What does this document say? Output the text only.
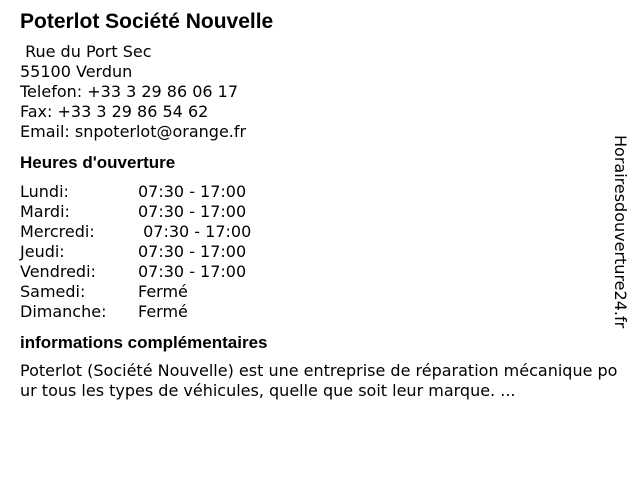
Poterlot Société Nouvelle
Rue du Port Sec
55100 Verdun
Telefon: +33 3 29 86 06 17
Fax: +33 3 29 86 54 62
Email: snpoterlot@orange.fr
Heures d'ouverture
Lundi:	07:30 - 17:00
Mardi:	07:30 - 17:00
Mercredi:	07:30 - 17:00
Jeudi:	07:30 - 17:00
Vendredi:	07:30 - 17:00
Samedi:	Fermé
Dimanche:	Fermé
informations complémentaires
Poterlot (Société Nouvelle) est une entreprise de réparation mécanique pour tous les types de véhicules, quelle que soit leur marque. ...
Horairesdouverture24.fr
